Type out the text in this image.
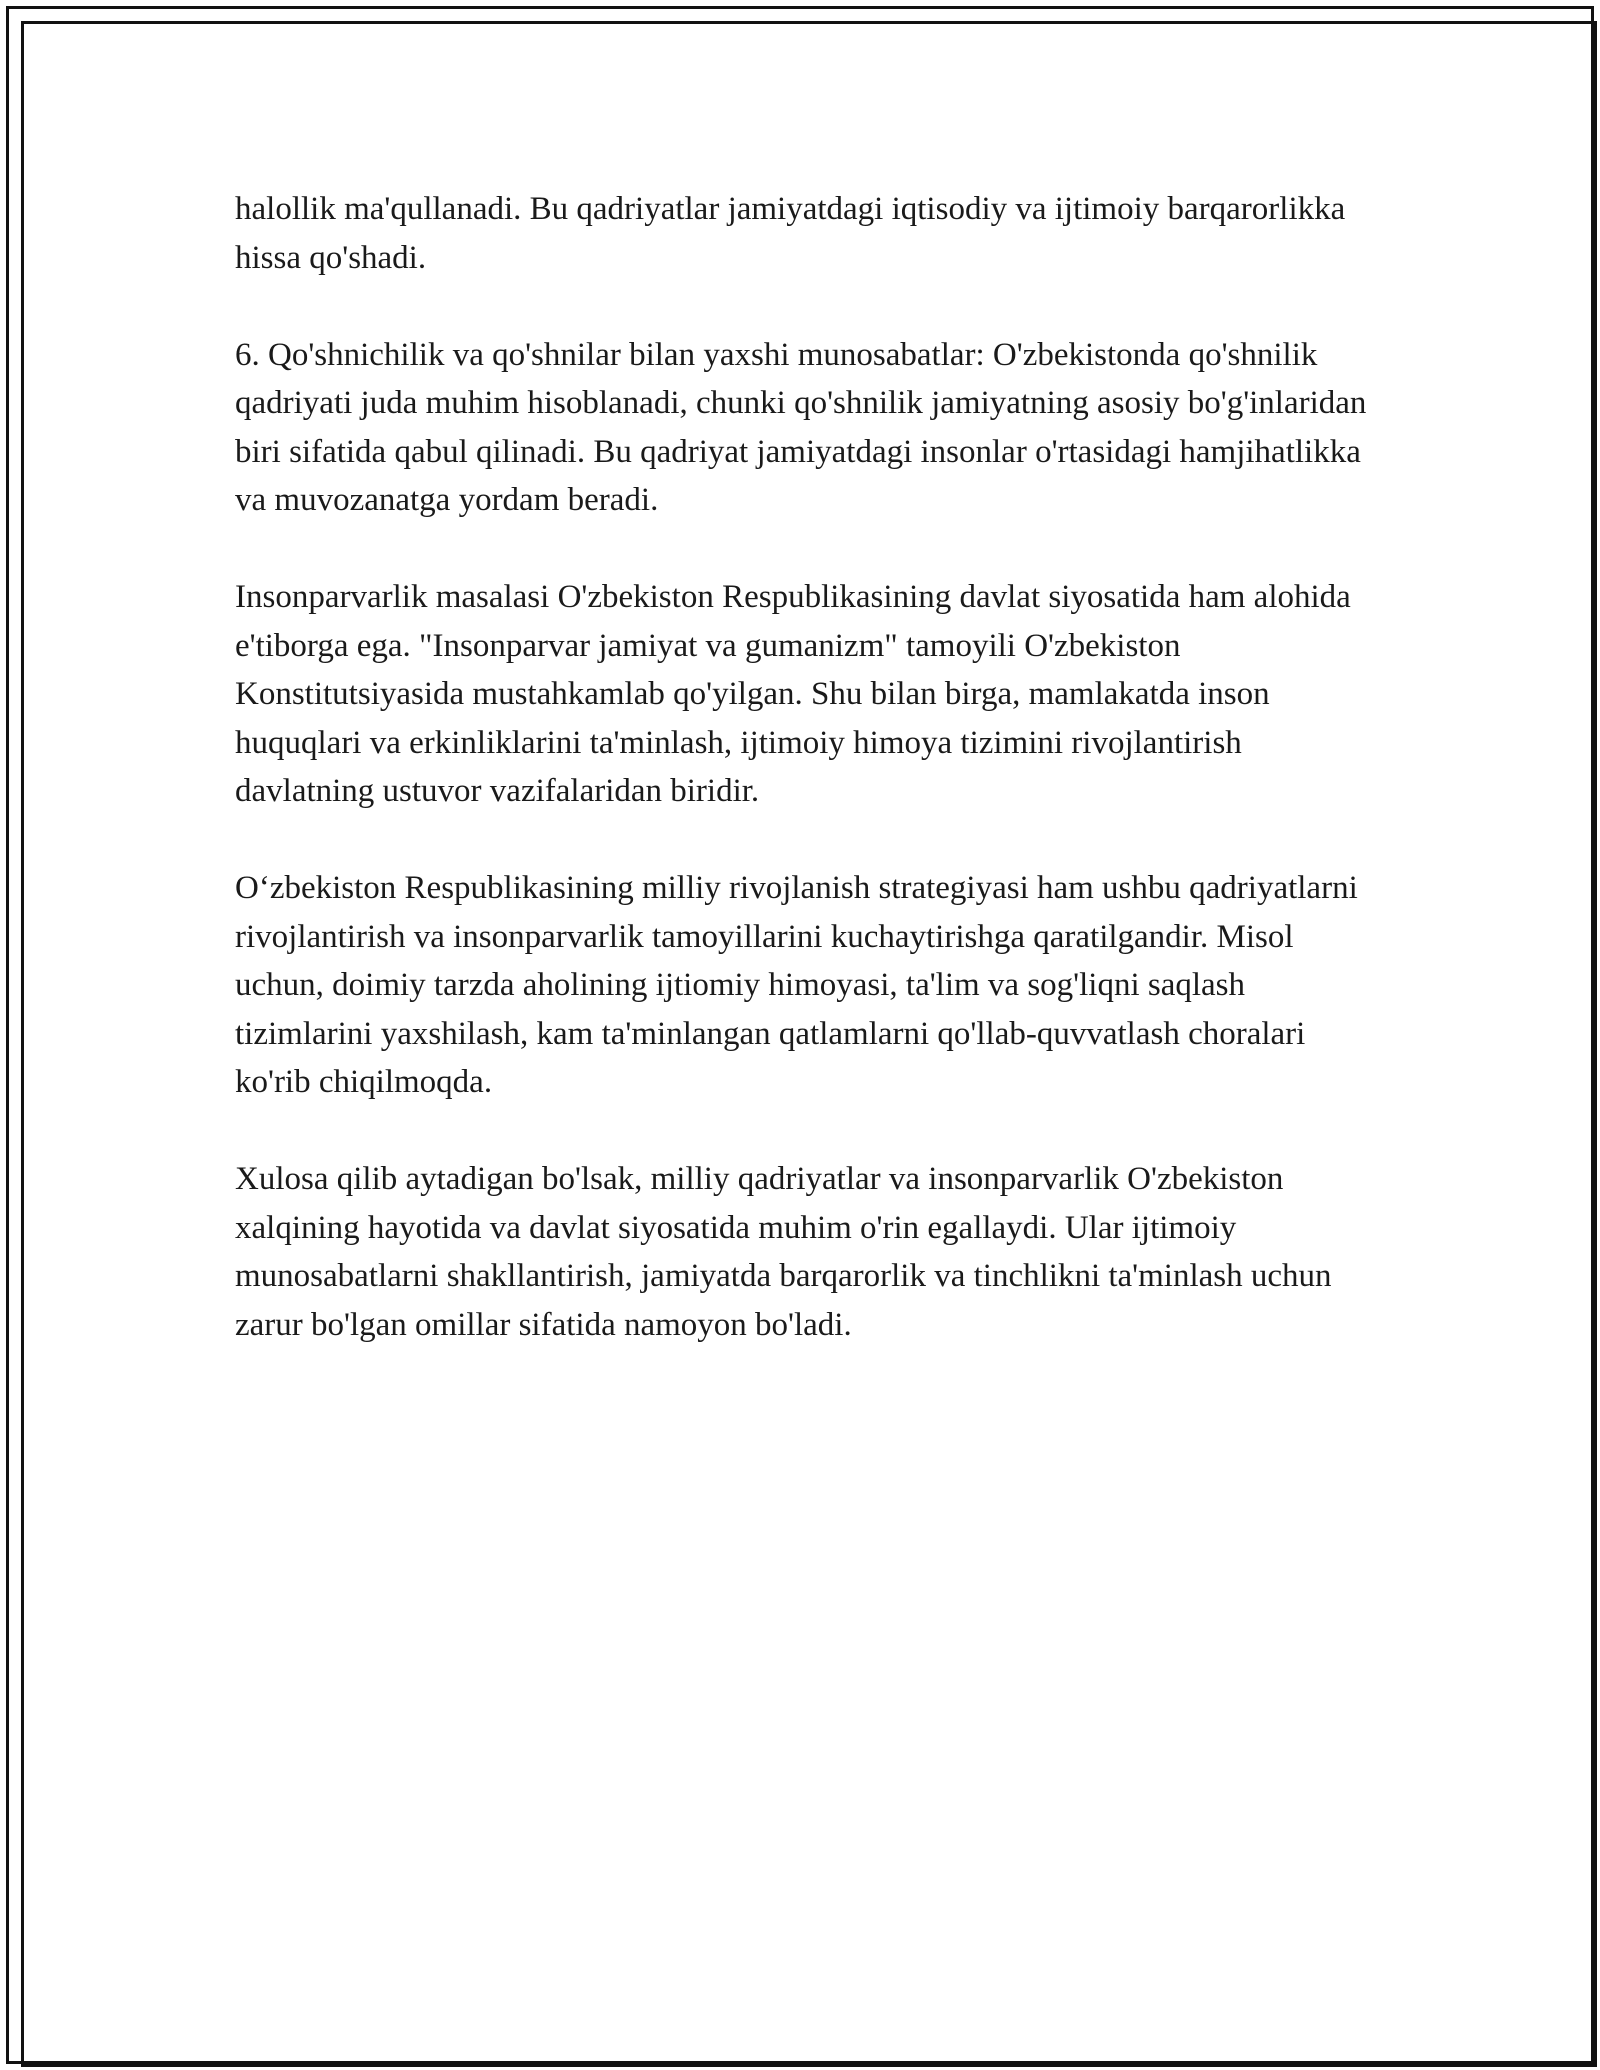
halollik ma'qullanadi. Bu qadriyatlar jamiyatdagi iqtisodiy va ijtimoiy barqarorlikka hissa qo'shadi.

6. Qo'shnichilik va qo'shnilar bilan yaxshi munosabatlar: O'zbekistonda qo'shnilik qadriyati juda muhim hisoblanadi, chunki qo'shnilik jamiyatning asosiy bo'g'inlaridan biri sifatida qabul qilinadi. Bu qadriyat jamiyatdagi insonlar o'rtasidagi hamjihatlikka va muvozanatga yordam beradi.

Insonparvarlik masalasi O'zbekiston Respublikasining davlat siyosatida ham alohida e'tiborga ega. "Insonparvar jamiyat va gumanizm" tamoyili O'zbekiston Konstitutsiyasida mustahkamlab qo'yilgan. Shu bilan birga, mamlakatda inson huquqlari va erkinliklarini ta'minlash, ijtimoiy himoya tizimini rivojlantirish davlatning ustuvor vazifalaridan biridir.

O‘zbekiston Respublikasining milliy rivojlanish strategiyasi ham ushbu qadriyatlarni rivojlantirish va insonparvarlik tamoyillarini kuchaytirishga qaratilgandir. Misol uchun, doimiy tarzda aholining ijtiomiy himoyasi, ta'lim va sog'liqni saqlash tizimlarini yaxshilash, kam ta'minlangan qatlamlarni qo'llab-quvvatlash choralari ko'rib chiqilmoqda.

Xulosa qilib aytadigan bo'lsak, milliy qadriyatlar va insonparvarlik O'zbekiston xalqining hayotida va davlat siyosatida muhim o'rin egallaydi. Ular ijtimoiy munosabatlarni shakllantirish, jamiyatda barqarorlik va tinchlikni ta'minlash uchun zarur bo'lgan omillar sifatida namoyon bo'ladi.
